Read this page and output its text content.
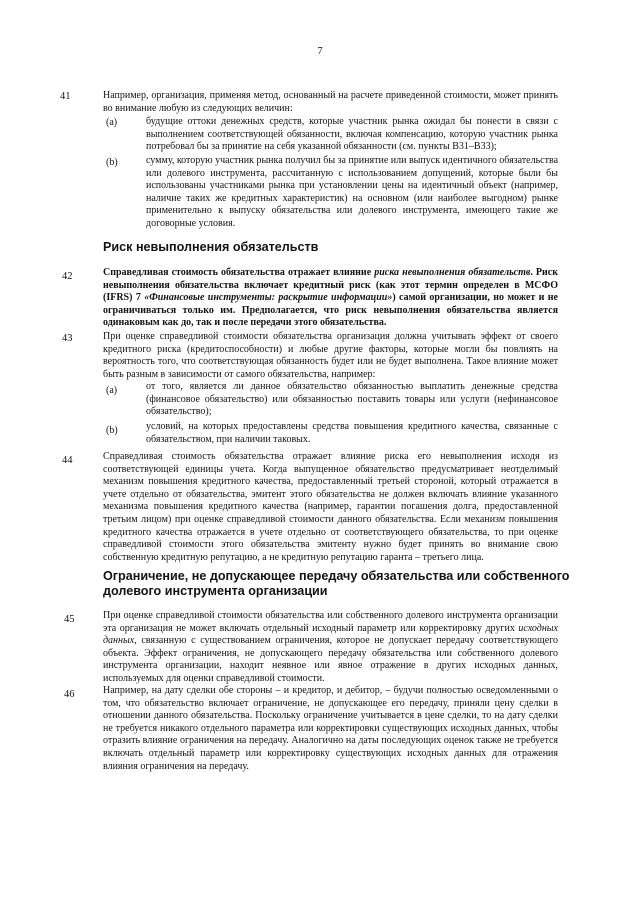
7
41	Например, организация, применяя метод, основанный на расчете приведенной стоимости, может принять во внимание любую из следующих величин:
(a)	будущие оттоки денежных средств, которые участник рынка ожидал бы понести в связи с выполнением соответствующей обязанности, включая компенсацию, которую участник рынка потребовал бы за принятие на себя указанной обязанности (см. пункты B31–B33);
(b)	сумму, которую участник рынка получил бы за принятие или выпуск идентичного обязательства или долевого инструмента, рассчитанную с использованием допущений, которые были бы использованы участниками рынка при установлении цены на идентичный объект (например, наличие таких же кредитных характеристик) на основном (или наиболее выгодном) рынке применительно к выпуску обязательства или долевого инструмента, имеющего такие же договорные условия.
Риск невыполнения обязательств
42	Справедливая стоимость обязательства отражает влияние риска невыполнения обязательств. Риск невыполнения обязательства включает кредитный риск (как этот термин определен в МСФО (IFRS) 7 «Финансовые инструменты: раскрытие информации») самой организации, но может и не ограничиваться только им. Предполагается, что риск невыполнения обязательства является одинаковым как до, так и после передачи этого обязательства.
43	При оценке справедливой стоимости обязательства организация должна учитывать эффект от своего кредитного риска (кредитоспособности) и любые другие факторы, которые могли бы повлиять на вероятность того, что соответствующая обязанность будет или не будет выполнена. Такое влияние может быть разным в зависимости от самого обязательства, например:
(a)	от того, является ли данное обязательство обязанностью выплатить денежные средства (финансовое обязательство) или обязанностью поставить товары или услуги (нефинансовое обязательство);
(b)	условий, на которых предоставлены средства повышения кредитного качества, связанные с обязательством, при наличии таковых.
44	Справедливая стоимость обязательства отражает влияние риска его невыполнения исходя из соответствующей единицы учета. Когда выпущенное обязательство предусматривает неотделимый механизм повышения кредитного качества, предоставленный третьей стороной, который отражается в учете отдельно от обязательства, эмитент этого обязательства не должен включать влияние указанного механизма повышения кредитного качества (например, гарантии погашения долга, предоставленной третьим лицом) при оценке справедливой стоимости данного обязательства. Если механизм повышения кредитного качества отражается в учете отдельно от соответствующего обязательства, то при оценке справедливой стоимости этого обязательства эмитенту нужно будет принять во внимание свою собственную кредитную репутацию, а не кредитную репутацию гаранта – третьего лица.
Ограничение, не допускающее передачу обязательства или собственного
долевого инструмента организации
45	При оценке справедливой стоимости обязательства или собственного долевого инструмента организации эта организация не может включать отдельный исходный параметр или корректировку других исходных данных, связанную с существованием ограничения, которое не допускает передачу соответствующего объекта. Эффект ограничения, не допускающего передачу обязательства или собственного долевого инструмента организации, находит неявное или явное отражение в других исходных данных, используемых для оценки справедливой стоимости.
46	Например, на дату сделки обе стороны – и кредитор, и дебитор, – будучи полностью осведомленными о том, что обязательство включает ограничение, не допускающее его передачу, приняли цену сделки в отношении данного обязательства. Поскольку ограничение учитывается в цене сделки, то на дату сделки не требуется никакого отдельного параметра или корректировки существующих исходных данных, чтобы отразить влияние ограничения на передачу. Аналогично на даты последующих оценок также не требуется включать отдельный параметр или корректировку существующих исходных данных для отражения влияния ограничения на передачу.
